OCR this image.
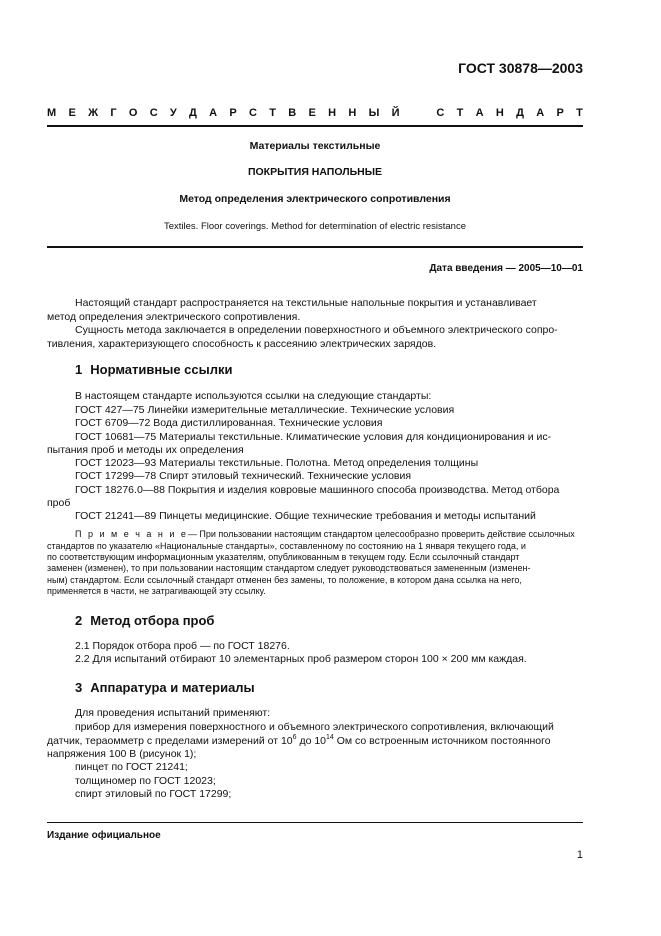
ГОСТ 30878—2003
М Е Ж Г О С У Д А Р С Т В Е Н Н Ы Й	С Т А Н Д А Р Т
Материалы текстильные
ПОКРЫТИЯ НАПОЛЬНЫЕ
Метод определения электрического сопротивления
Textiles. Floor coverings. Method for determination of electric resistance
Дата введения — 2005—10—01
Настоящий стандарт распространяется на текстильные напольные покрытия и устанавливает
метод определения электрического сопротивления.
Сущность метода заключается в определении поверхностного и объемного электрического сопро-
тивления, характеризующего способность к рассеянию электрических зарядов.
1 Нормативные ссылки
В настоящем стандарте используются ссылки на следующие стандарты:
ГОСТ 427—75 Линейки измерительные металлические. Технические условия
ГОСТ 6709—72 Вода дистиллированная. Технические условия
ГОСТ 10681—75 Материалы текстильные. Климатические условия для кондиционирования и ис-
пытания проб и методы их определения
ГОСТ 12023—93 Материалы текстильные. Полотна. Метод определения толщины
ГОСТ 17299—78 Спирт этиловый технический. Технические условия
ГОСТ 18276.0—88 Покрытия и изделия ковровые машинного способа производства. Метод отбора
проб
ГОСТ 21241—89 Пинцеты медицинские. Общие технические требования и методы испытаний
П р и м е ч а н и е— При пользовании настоящим стандартом целесообразно проверить действие ссылочных
стандартов по указателю «Национальные стандарты», составленному по состоянию на 1 января текущего года, и
по соответствующим информационным указателям, опубликованным в текущем году. Если ссылочный стандарт
заменен (изменен), то при пользовании настоящим стандартом следует руководствоваться замененным (изменен-
ным) стандартом. Если ссылочный стандарт отменен без замены, то положение, в котором дана ссылка на него,
применяется в части, не затрагивающей эту ссылку.
2 Метод отбора проб
2.1 Порядок отбора проб — по ГОСТ 18276.
2.2 Для испытаний отбирают 10 элементарных проб размером сторон 100 × 200 мм каждая.
3 Аппаратура и материалы
Для проведения испытаний применяют:
прибор для измерения поверхностного и объемного электрического сопротивления, включающий
датчик, тераомметр с пределами измерений от $10^6$ до $10^{14}$ Ом со встроенным источником постоянного
напряжения 100 В (рисунок 1);
пинцет по ГОСТ 21241;
толщиномер по ГОСТ 12023;
спирт этиловый по ГОСТ 17299;
Издание официальное
1
